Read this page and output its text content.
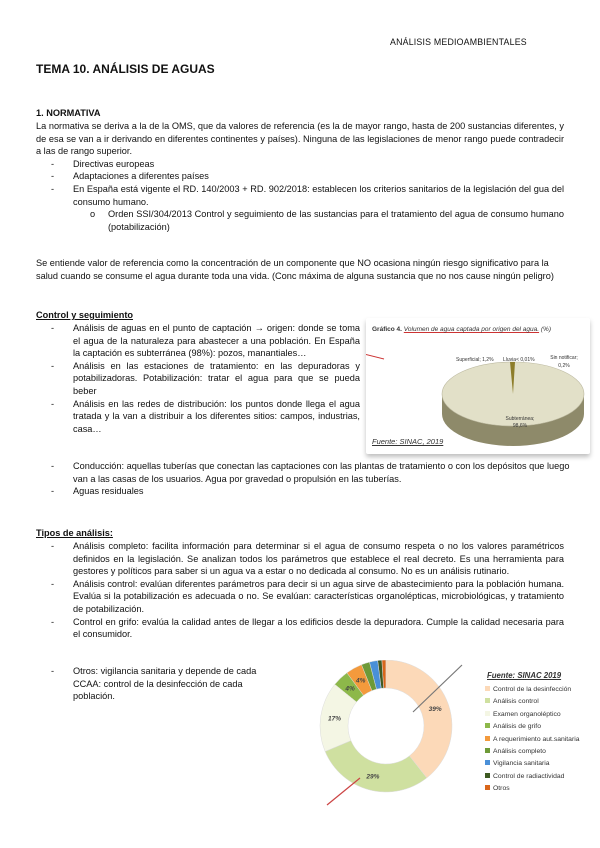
ANÁLISIS MEDIOAMBIENTALES
TEMA 10. ANÁLISIS DE AGUAS
1. NORMATIVA

La normativa se deriva a la de la OMS, que da valores de referencia (es la de mayor rango, hasta de 200 sustancias diferentes, y de esa se van a ir derivando en diferentes continentes y países). Ninguna de las legislaciones de menor rango puede contradecir a las de rango superior.

- Directivas europeas
- Adaptaciones a diferentes países
- En España está vigente el RD. 140/2003 + RD. 902/2018: establecen los criterios sanitarios de la legislación del gua del consumo humano.
o Orden SSI/304/2013 Control y seguimiento de las sustancias para el tratamiento del agua de consumo humano (potabilización)

Se entiende valor de referencia como la concentración de un componente que NO ocasiona ningún riesgo significativo para la salud cuando se consume el agua durante toda una vida. (Conc máxima de alguna sustancia que no nos cause ningún peligro)

Control y seguimiento
- Análisis de aguas en el punto de captación → origen: donde se toma el agua de la naturaleza para abastecer a una población. En España la captación es subterránea (98%): pozos, manantiales…
- Análisis en las estaciones de tratamiento: en las depuradoras y potabilizadoras. Potabilización: tratar el agua para que se pueda beber
- Análisis en las redes de distribución: los puntos donde llega el agua tratada y la van a distribuir a los diferentes sitios: campos, industrias, casa…
- Conducción: aquellas tuberías que conectan las captaciones con las plantas de tratamiento o con los depósitos que luego van a las casas de los usuarios. Agua por gravedad o propulsión en las tuberías.
- Aguas residuales
Gráfico 4. Volumen de agua captada por origen del agua. (%)
Superficial; 1,2% Lluvia< 0,01%	Sin notificar; 0,2%
Subterránea; 98,6%
Fuente: SINAC, 2019
Tipos de análisis:
- Análisis completo: facilita información para determinar si el agua de consumo respeta o no los valores paramétricos definidos en la legislación. Se analizan todos los parámetros que establece el real decreto. Es una herramienta para gestores y políticos para saber si un agua va a estar o no dedicada al consumo. No es un análisis rutinario.
- Análisis control: evalúan diferentes parámetros para decir si un agua sirve de abastecimiento para la población humana. Evalúa si la potabilización es adecuada o no. Se evalúan: características organolépticas, microbiológicas, y tratamiento de potabilización.
- Control en grifo: evalúa la calidad antes de llegar a los edificios desde la depuradora. Cumple la calidad necesaria para el consumidor.
- Otros: vigilancia sanitaria y depende de cada CCAA: control de la desinfección de cada población.
39%
29%
17%
4%
4%
Fuente: SINAC 2019
Control de la desinfección
Análisis control
Examen organoléptico
Análisis de grifo
A requerimiento aut.sanitaria
Análisis completo
Vigilancia sanitaria
Control de radiactividad
Otros
